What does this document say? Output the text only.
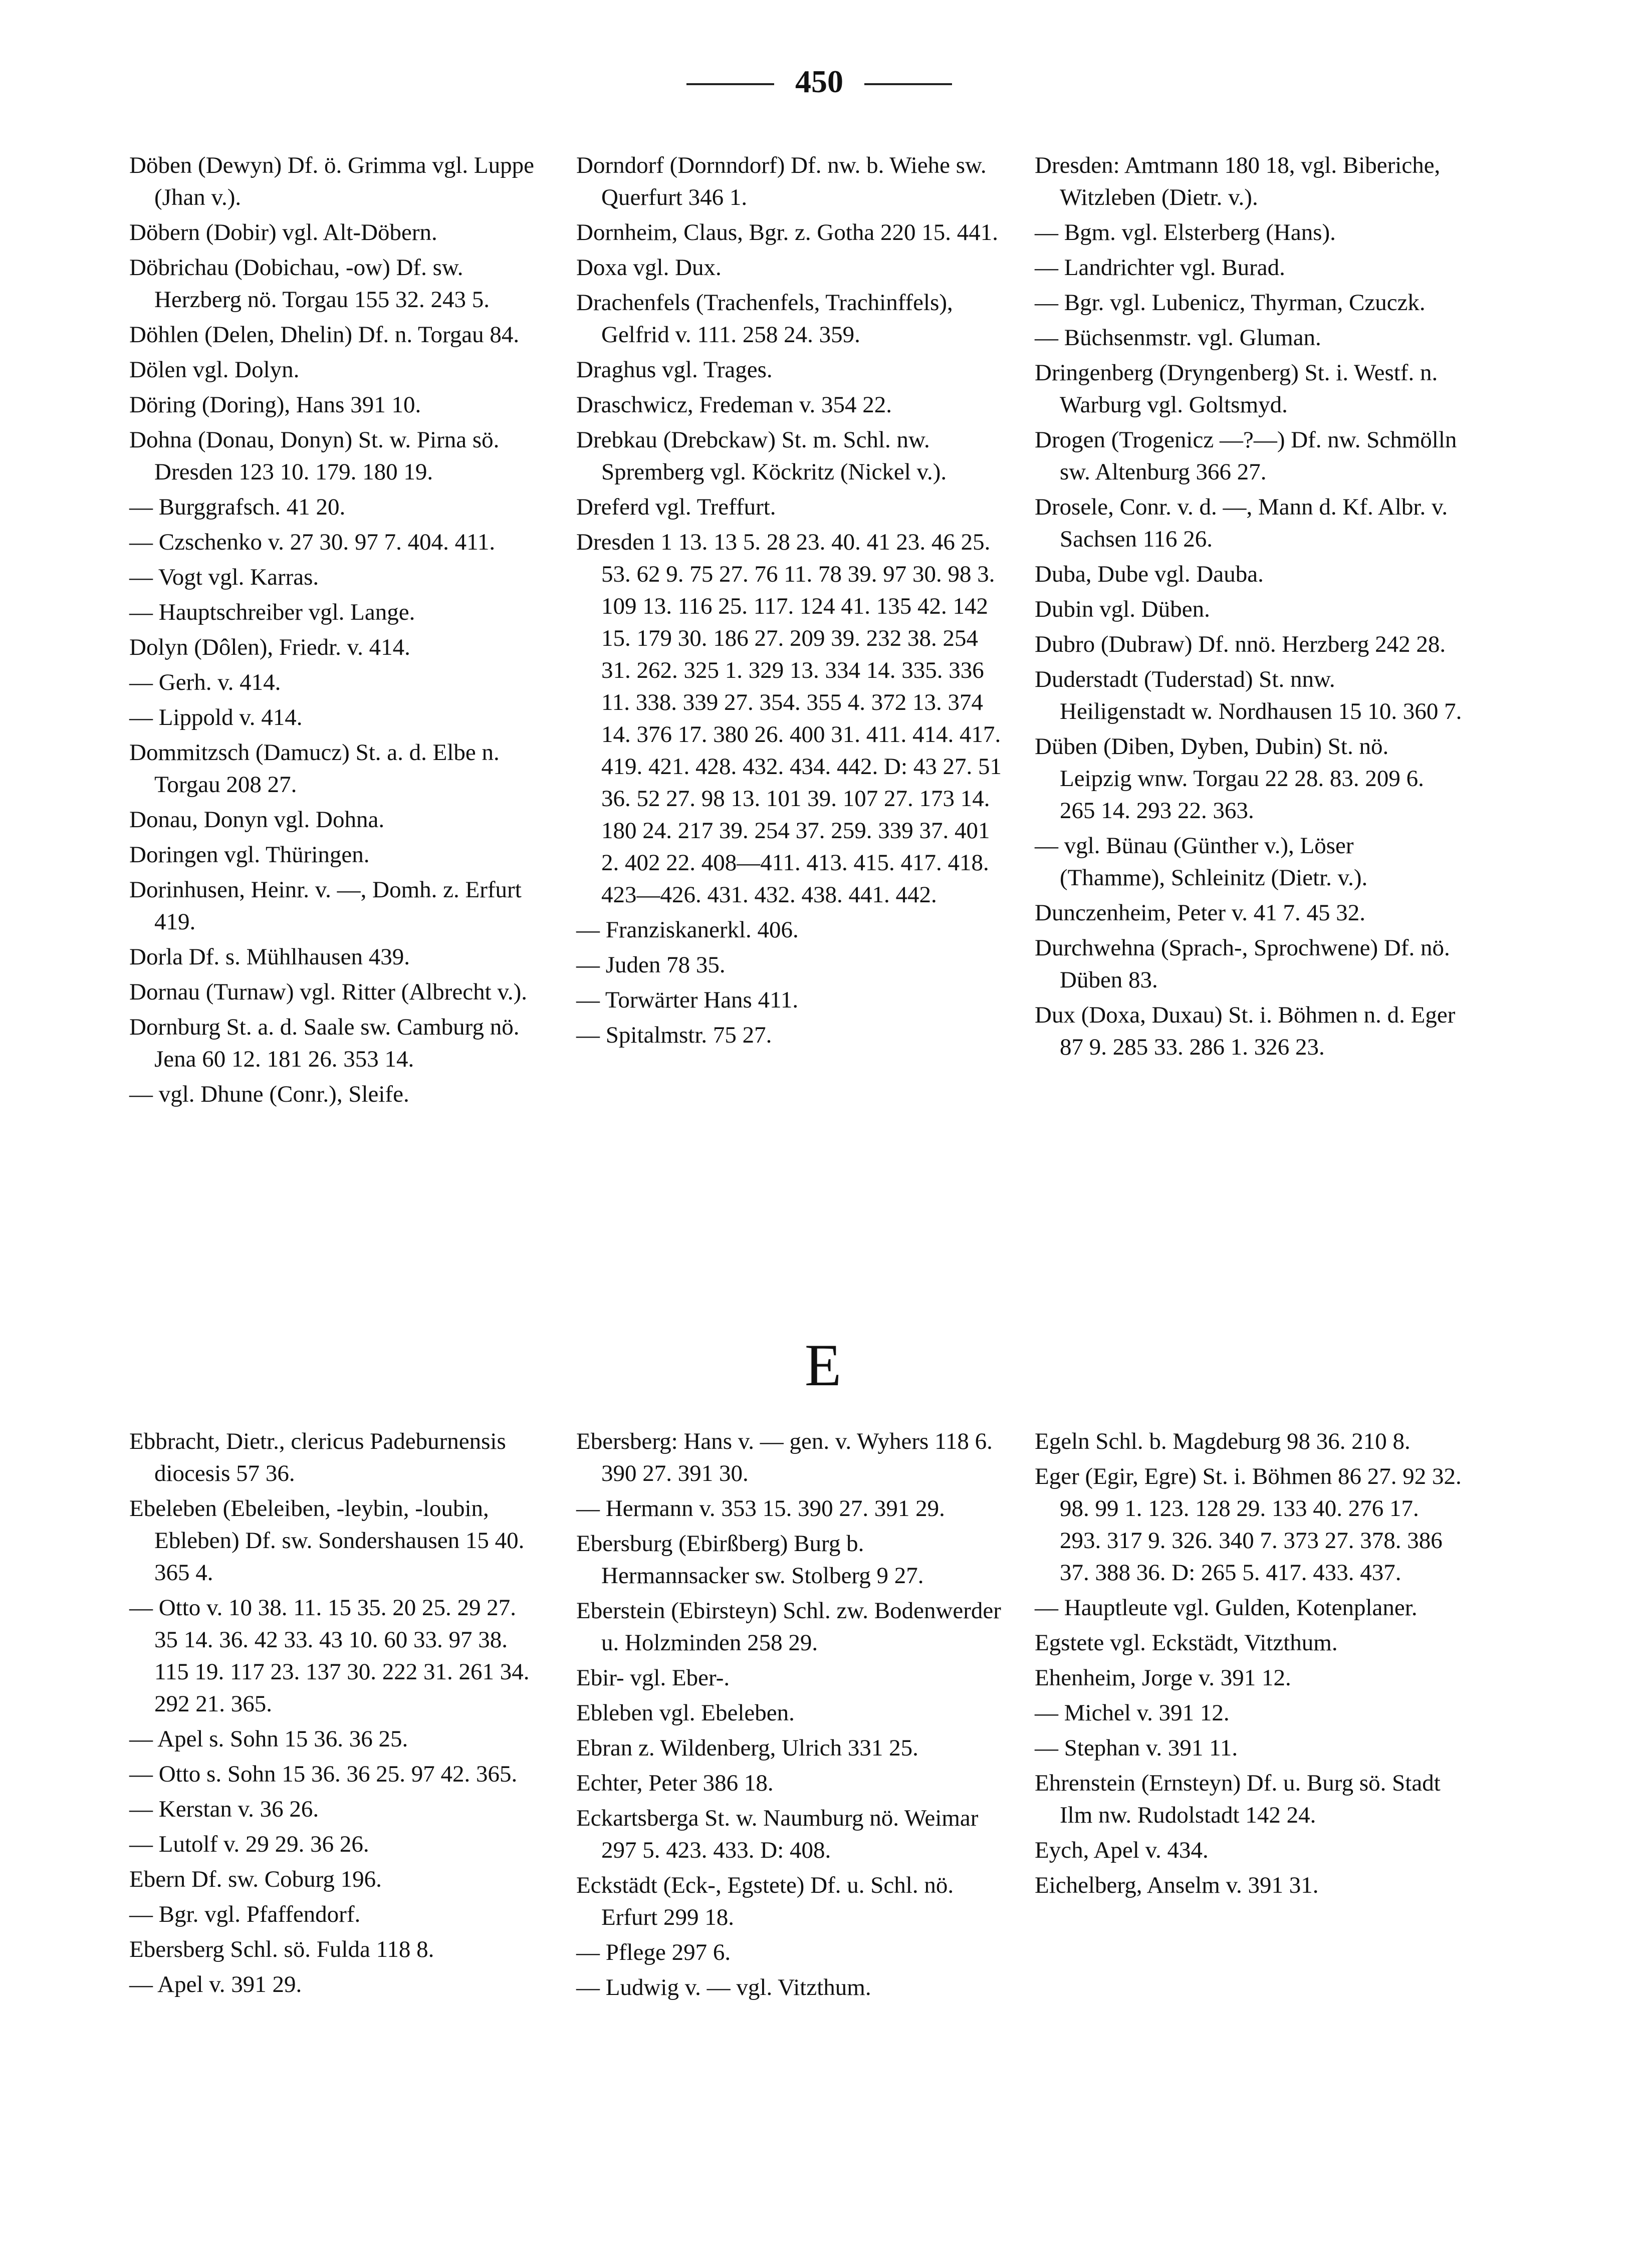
450

Döben (Dewyn) Df. ö. Grimma vgl. Luppe (Jhan v.).

Döbern (Dobir) vgl. Alt-Döbern.

Döbrichau (Dobichau, -ow) Df. sw. Herzberg nö. Torgau 155 32. 243 5.

Döhlen (Delen, Dhelin) Df. n. Torgau 84.

Dölen vgl. Dolyn.

Döring (Doring), Hans 391 10.

Dohna (Donau, Donyn) St. w. Pirna sö. Dresden 123 10. 179. 180 19.

— Burggrafsch. 41 20.

— Czschenko v. 27 30. 97 7. 404. 411.

— Vogt vgl. Karras.

— Hauptschreiber vgl. Lange.

Dolyn (Dôlen), Friedr. v. 414.

— Gerh. v. 414.

— Lippold v. 414.

Dommitzsch (Damucz) St. a. d. Elbe n. Torgau 208 27.

Donau, Donyn vgl. Dohna.

Doringen vgl. Thüringen.

Dorinhusen, Heinr. v. —, Domh. z. Erfurt 419.

Dorla Df. s. Mühlhausen 439.

Dornau (Turnaw) vgl. Ritter (Albrecht v.).

Dornburg St. a. d. Saale sw. Camburg nö. Jena 60 12. 181 26. 353 14.

— vgl. Dhune (Conr.), Sleife.

Dorndorf (Dornndorf) Df. nw. b. Wiehe sw. Querfurt 346 1.

Dornheim, Claus, Bgr. z. Gotha 220 15. 441.

Doxa vgl. Dux.

Drachenfels (Trachenfels, Trachinffels), Gelfrid v. 111. 258 24. 359.

Draghus vgl. Trages.

Draschwicz, Fredeman v. 354 22.

Drebkau (Drebckaw) St. m. Schl. nw. Spremberg vgl. Köckritz (Nickel v.).

Dreferd vgl. Treffurt.

Dresden 1 13. 13 5. 28 23. 40. 41 23. 46 25. 53. 62 9. 75 27. 76 11. 78 39. 97 30. 98 3. 109 13. 116 25. 117. 124 41. 135 42. 142 15. 179 30. 186 27. 209 39. 232 38. 254 31. 262. 325 1. 329 13. 334 14. 335. 336 11. 338. 339 27. 354. 355 4. 372 13. 374 14. 376 17. 380 26. 400 31. 411. 414. 417. 419. 421. 428. 432. 434. 442. D: 43 27. 51 36. 52 27. 98 13. 101 39. 107 27. 173 14. 180 24. 217 39. 254 37. 259. 339 37. 401 2. 402 22. 408—411. 413. 415. 417. 418. 423—426. 431. 432. 438. 441. 442.

— Franziskanerkl. 406.

— Juden 78 35.

— Torwärter Hans 411.

— Spitalmstr. 75 27.

Dresden: Amtmann 180 18, vgl. Biberiche, Witzleben (Dietr. v.).

— Bgm. vgl. Elsterberg (Hans).

— Landrichter vgl. Burad.

— Bgr. vgl. Lubenicz, Thyrman, Czuczk.

— Büchsenmstr. vgl. Gluman.

Dringenberg (Dryngenberg) St. i. Westf. n. Warburg vgl. Goltsmyd.

Drogen (Trogenicz —?—) Df. nw. Schmölln sw. Altenburg 366 27.

Drosele, Conr. v. d. —, Mann d. Kf. Albr. v. Sachsen 116 26.

Duba, Dube vgl. Dauba.

Dubin vgl. Düben.

Dubro (Dubraw) Df. nnö. Herzberg 242 28.

Duderstadt (Tuderstad) St. nnw. Heiligenstadt w. Nordhausen 15 10. 360 7.

Düben (Diben, Dyben, Dubin) St. nö. Leipzig wnw. Torgau 22 28. 83. 209 6. 265 14. 293 22. 363.

— vgl. Bünau (Günther v.), Löser (Thamme), Schleinitz (Dietr. v.).

Dunczenheim, Peter v. 41 7. 45 32.

Durchwehna (Sprach-, Sprochwene) Df. nö. Düben 83.

Dux (Doxa, Duxau) St. i. Böhmen n. d. Eger 87 9. 285 33. 286 1. 326 23.

E

Ebbracht, Dietr., clericus Padeburnensis diocesis 57 36.

Ebeleben (Ebeleiben, -leybin, -loubin, Ebleben) Df. sw. Sondershausen 15 40. 365 4.

— Otto v. 10 38. 11. 15 35. 20 25. 29 27. 35 14. 36. 42 33. 43 10. 60 33. 97 38. 115 19. 117 23. 137 30. 222 31. 261 34. 292 21. 365.

— Apel s. Sohn 15 36. 36 25.

— Otto s. Sohn 15 36. 36 25. 97 42. 365.

— Kerstan v. 36 26.

— Lutolf v. 29 29. 36 26.

Ebern Df. sw. Coburg 196.

— Bgr. vgl. Pfaffendorf.

Ebersberg Schl. sö. Fulda 118 8.

— Apel v. 391 29.

Ebersberg: Hans v. — gen. v. Wyhers 118 6. 390 27. 391 30.

— Hermann v. 353 15. 390 27. 391 29.

Ebersburg (Ebirßberg) Burg b. Hermannsacker sw. Stolberg 9 27.

Eberstein (Ebirsteyn) Schl. zw. Bodenwerder u. Holzminden 258 29.

Ebir- vgl. Eber-.

Ebleben vgl. Ebeleben.

Ebran z. Wildenberg, Ulrich 331 25.

Echter, Peter 386 18.

Eckartsberga St. w. Naumburg nö. Weimar 297 5. 423. 433. D: 408.

Eckstädt (Eck-, Egstete) Df. u. Schl. nö. Erfurt 299 18.

— Pflege 297 6.

— Ludwig v. — vgl. Vitzthum.

Egeln Schl. b. Magdeburg 98 36. 210 8.

Eger (Egir, Egre) St. i. Böhmen 86 27. 92 32. 98. 99 1. 123. 128 29. 133 40. 276 17. 293. 317 9. 326. 340 7. 373 27. 378. 386 37. 388 36. D: 265 5. 417. 433. 437.

— Hauptleute vgl. Gulden, Kotenplaner.

Egstete vgl. Eckstädt, Vitzthum.

Ehenheim, Jorge v. 391 12.

— Michel v. 391 12.

— Stephan v. 391 11.

Ehrenstein (Ernsteyn) Df. u. Burg sö. Stadt Ilm nw. Rudolstadt 142 24.

Eych, Apel v. 434.

Eichelberg, Anselm v. 391 31.
